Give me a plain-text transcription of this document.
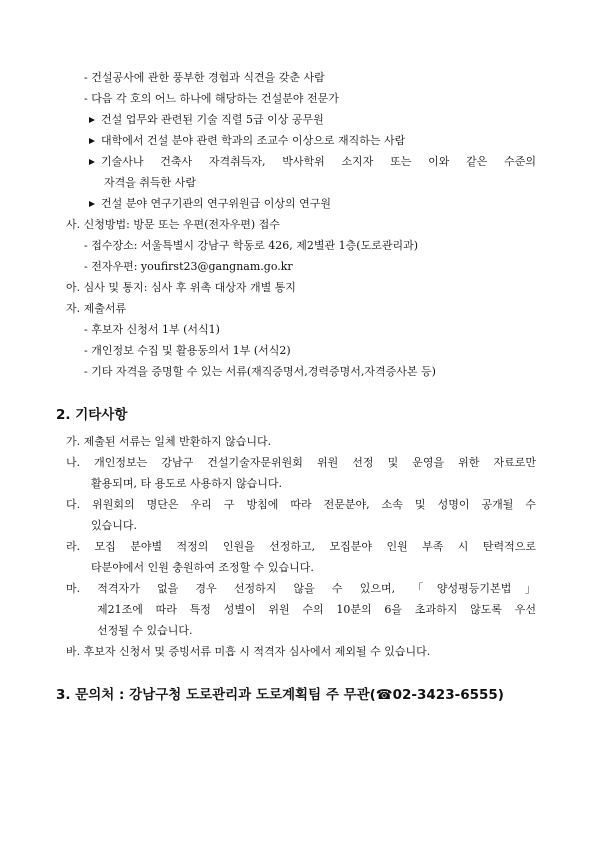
- 건설공사에 관한 풍부한 경험과 식견을 갖춘 사람
- 다음 각 호의 어느 하나에 해당하는 건설분야 전문가
건설 업무와 관련된 기술 직렬 5급 이상 공무원
대학에서 건설 분야 관련 학과의 조교수 이상으로 재직하는 사람
기술사나 건축사 자격취득자, 박사학위 소지자 또는 이와 같은 수준의
자격을 취득한 사람
건설 분야 연구기관의 연구위원급 이상의 연구원
사. 신청방법: 방문 또는 우편(전자우편) 접수
- 접수장소: 서울특별시 강남구 학동로 426, 제2별관 1층(도로관리과)
- 전자우편: youfirst23@gangnam.go.kr
아. 심사 및 통지: 심사 후 위촉 대상자 개별 통지
자. 제출서류
- 후보자 신청서 1부 (서식1)
- 개인정보 수집 및 활용동의서 1부 (서식2)
- 기타 자격을 증명할 수 있는 서류(재직증명서,경력증명서,자격증사본 등)
2. 기타사항
가. 제출된 서류는 일체 반환하지 않습니다.
나. 개인정보는 강남구 건설기술자문위원회 위원 선정 및 운영을 위한 자료로만
활용되며, 타 용도로 사용하지 않습니다.
다. 위원회의 명단은 우리 구 방침에 따라 전문분야, 소속 및 성명이 공개될 수
있습니다.
라. 모집 분야별 적정의 인원을 선정하고, 모집분야 인원 부족 시 탄력적으로
타분야에서 인원 충원하여 조정할 수 있습니다.
마. 적격자가 없을 경우 선정하지 않을 수 있으며, 「양성평등기본법」
제21조에 따라 특정 성별이 위원 수의 10분의 6을 초과하지 않도록 우선
선정될 수 있습니다.
바. 후보자 신청서 및 증빙서류 미흡 시 적격자 심사에서 제외될 수 있습니다.
3. 문의처 : 강남구청 도로관리과 도로계획팀 주 무관(☎02-3423-6555)
